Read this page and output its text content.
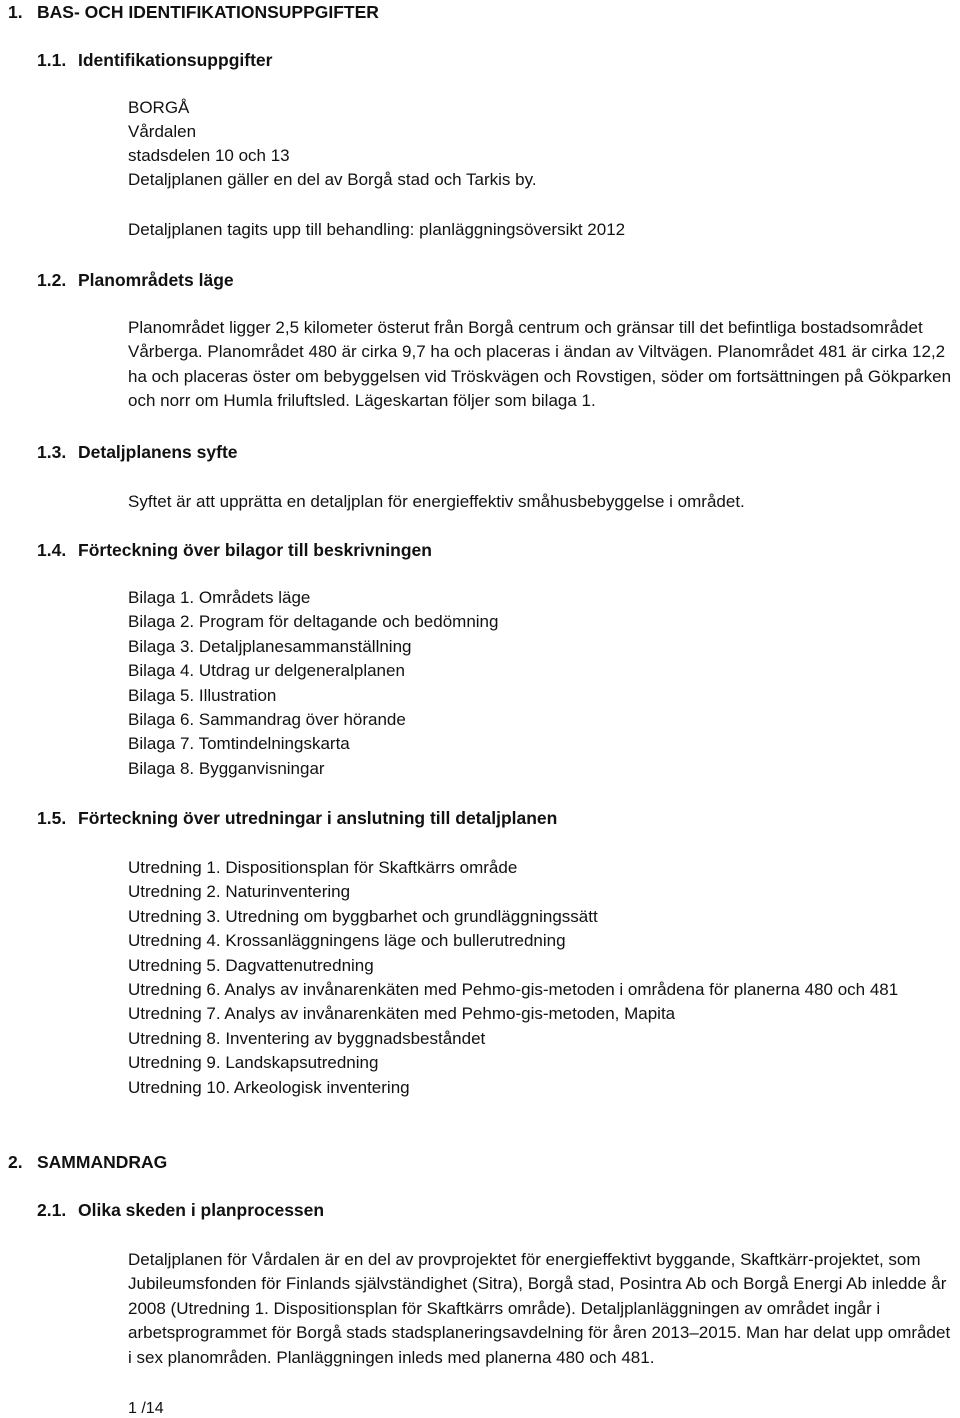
1. BAS- OCH IDENTIFIKATIONSUPPGIFTER
1.1. Identifikationsuppgifter
BORGÅ
Vårdalen
stadsdelen 10 och 13
Detaljplanen gäller en del av Borgå stad och Tarkis by.
Detaljplanen tagits upp till behandling: planläggningsöversikt 2012
1.2. Planområdets läge

Planområdet ligger 2,5 kilometer österut från Borgå centrum och gränsar till det befintliga bostadsområdet Vårberga. Planområdet 480 är cirka 9,7 ha och placeras i ändan av Viltvägen. Planområdet 481 är cirka 12,2 ha och placeras öster om bebyggelsen vid Tröskvägen och Rovstigen, söder om fortsättningen på Gökparken och norr om Humla friluftsled. Lägeskartan följer som bilaga 1.

1.3. Detaljplanens syfte
Syftet är att upprätta en detaljplan för energieffektiv småhusbebyggelse i området.
1.4. Förteckning över bilagor till beskrivningen
Bilaga 1. Områdets läge
Bilaga 2. Program för deltagande och bedömning
Bilaga 3. Detaljplanesammanställning
Bilaga 4. Utdrag ur delgeneralplanen
Bilaga 5. Illustration
Bilaga 6. Sammandrag över hörande
Bilaga 7. Tomtindelningskarta
Bilaga 8. Bygganvisningar
1.5. Förteckning över utredningar i anslutning till detaljplanen
Utredning 1. Dispositionsplan för Skaftkärrs område
Utredning 2. Naturinventering
Utredning 3. Utredning om byggbarhet och grundläggningssätt
Utredning 4. Krossanläggningens läge och bullerutredning
Utredning 5. Dagvattenutredning
Utredning 6. Analys av invånarenkäten med Pehmo-gis-metoden i områdena för planerna 480 och 481
Utredning 7. Analys av invånarenkäten med Pehmo-gis-metoden, Mapita
Utredning 8. Inventering av byggnadsbeståndet
Utredning 9. Landskapsutredning
Utredning 10. Arkeologisk inventering
2. SAMMANDRAG
2.1. Olika skeden i planprocessen

Detaljplanen för Vårdalen är en del av provprojektet för energieffektivt byggande, Skaftkärr-projektet, som Jubileumsfonden för Finlands självständighet (Sitra), Borgå stad, Posintra Ab och Borgå Energi Ab inledde år 2008 (Utredning 1. Dispositionsplan för Skaftkärrs område). Detaljplanläggningen av området ingår i arbetsprogrammet för Borgå stads stadsplaneringsavdelning för åren 2013–2015. Man har delat upp området i sex planområden. Planläggningen inleds med planerna 480 och 481.

1 /14
